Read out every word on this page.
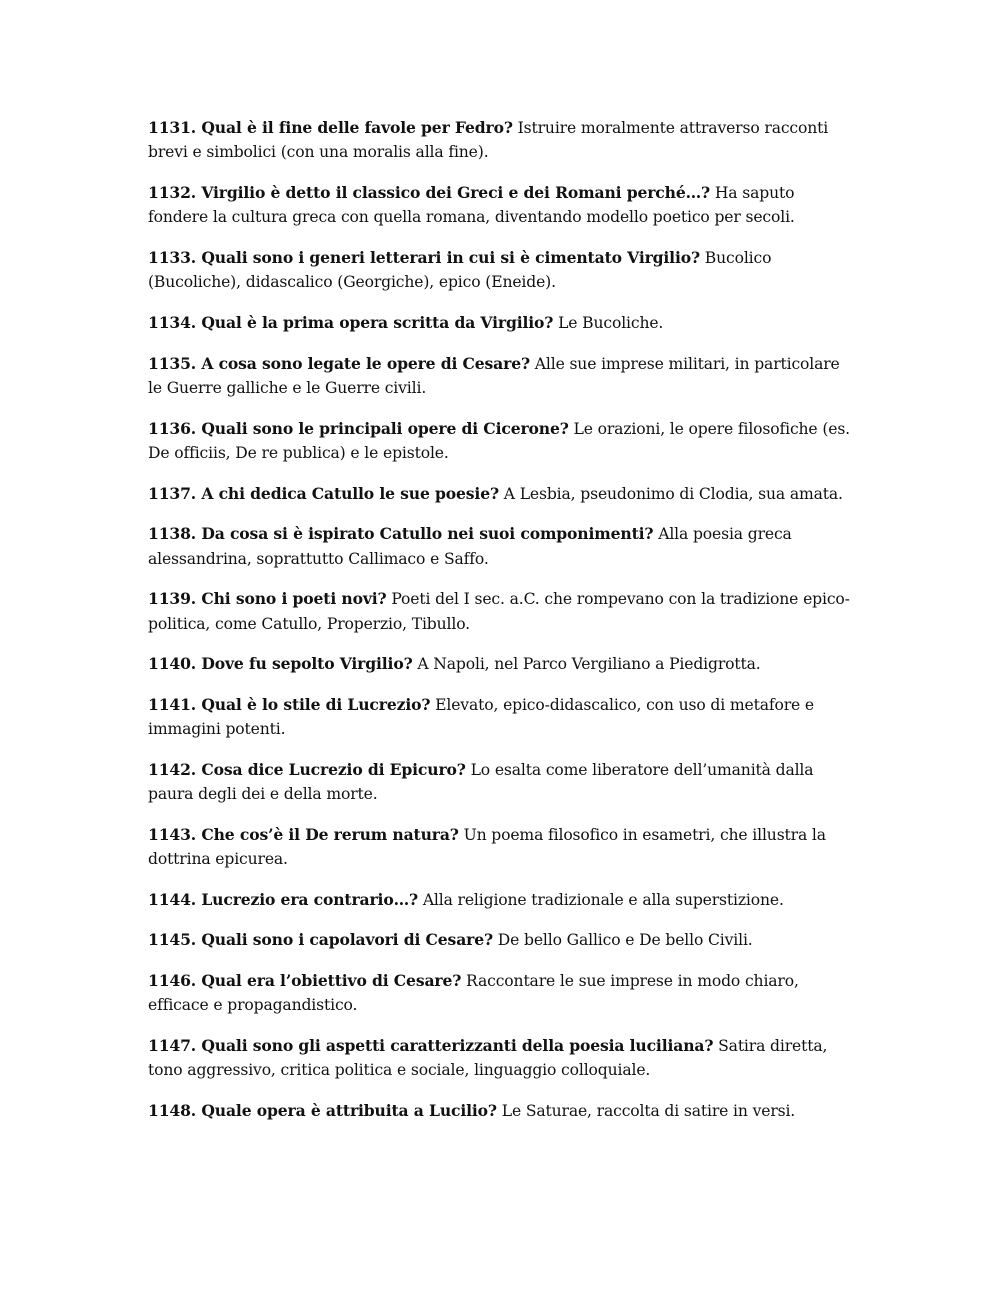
1131. Qual è il fine delle favole per Fedro? Istruire moralmente attraverso racconti brevi e simbolici (con una moralis alla fine).

1132. Virgilio è detto il classico dei Greci e dei Romani perché…? Ha saputo fondere la cultura greca con quella romana, diventando modello poetico per secoli.

1133. Quali sono i generi letterari in cui si è cimentato Virgilio? Bucolico (Bucoliche), didascalico (Georgiche), epico (Eneide).

1134. Qual è la prima opera scritta da Virgilio? Le Bucoliche.

1135. A cosa sono legate le opere di Cesare? Alle sue imprese militari, in particolare le Guerre galliche e le Guerre civili.

1136. Quali sono le principali opere di Cicerone? Le orazioni, le opere filosofiche (es. De officiis, De re publica) e le epistole.

1137. A chi dedica Catullo le sue poesie? A Lesbia, pseudonimo di Clodia, sua amata.

1138. Da cosa si è ispirato Catullo nei suoi componimenti? Alla poesia greca alessandrina, soprattutto Callimaco e Saffo.

1139. Chi sono i poeti novi? Poeti del I sec. a.C. che rompevano con la tradizione epico-politica, come Catullo, Properzio, Tibullo.

1140. Dove fu sepolto Virgilio? A Napoli, nel Parco Vergiliano a Piedigrotta.

1141. Qual è lo stile di Lucrezio? Elevato, epico-didascalico, con uso di metafore e immagini potenti.

1142. Cosa dice Lucrezio di Epicuro? Lo esalta come liberatore dell’umanità dalla paura degli dei e della morte.

1143. Che cos’è il De rerum natura? Un poema filosofico in esametri, che illustra la dottrina epicurea.

1144. Lucrezio era contrario…? Alla religione tradizionale e alla superstizione.

1145. Quali sono i capolavori di Cesare? De bello Gallico e De bello Civili.

1146. Qual era l’obiettivo di Cesare? Raccontare le sue imprese in modo chiaro, efficace e propagandistico.

1147. Quali sono gli aspetti caratterizzanti della poesia luciliana? Satira diretta, tono aggressivo, critica politica e sociale, linguaggio colloquiale.

1148. Quale opera è attribuita a Lucilio? Le Saturae, raccolta di satire in versi.
